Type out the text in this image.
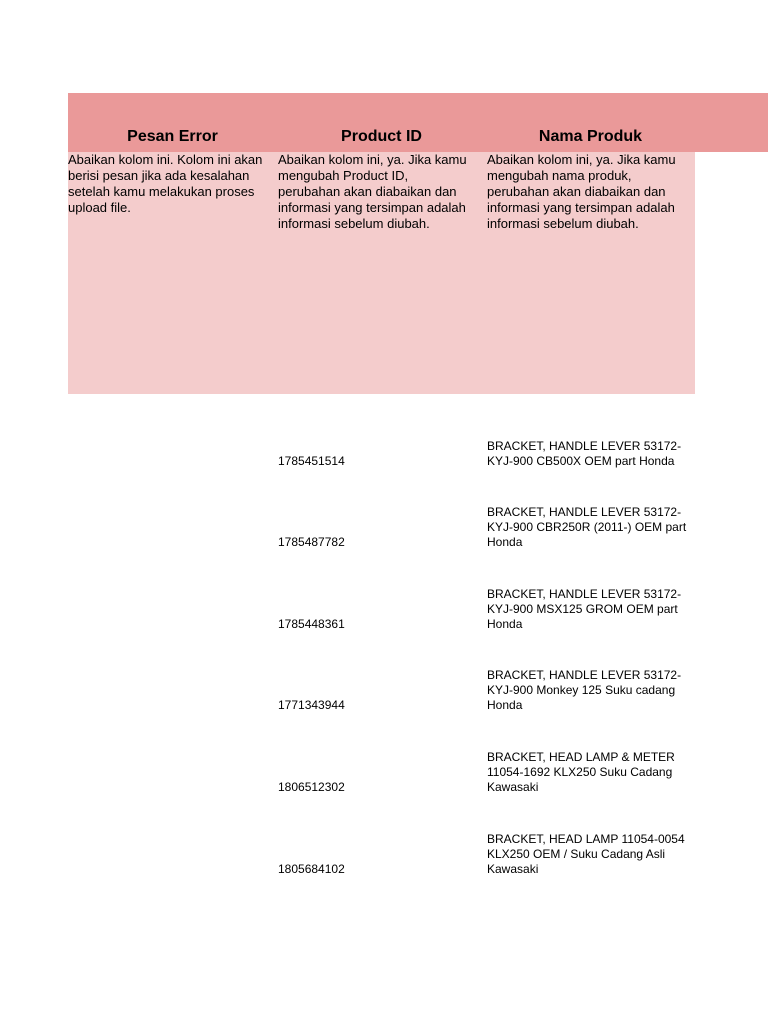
Pesan Error	Product ID	Nama Produk
Abaikan kolom ini. Kolom ini akan
berisi pesan jika ada kesalahan
setelah kamu melakukan proses
upload file.
Abaikan kolom ini, ya. Jika kamu
mengubah Product ID,
perubahan akan diabaikan dan
informasi yang tersimpan adalah
informasi sebelum diubah.
Abaikan kolom ini, ya. Jika kamu
mengubah nama produk,
perubahan akan diabaikan dan
informasi yang tersimpan adalah
informasi sebelum diubah.
1785451514
BRACKET, HANDLE LEVER 53172-
KYJ-900 CB500X OEM part Honda
1785487782
BRACKET, HANDLE LEVER 53172-
KYJ-900 CBR250R (2011-) OEM part
Honda
1785448361
BRACKET, HANDLE LEVER 53172-
KYJ-900 MSX125 GROM OEM part
Honda
1771343944
BRACKET, HANDLE LEVER 53172-
KYJ-900 Monkey 125 Suku cadang
Honda
1806512302
BRACKET, HEAD LAMP & METER
11054-1692 KLX250 Suku Cadang
Kawasaki
1805684102
BRACKET, HEAD LAMP 11054-0054
KLX250 OEM / Suku Cadang Asli
Kawasaki
